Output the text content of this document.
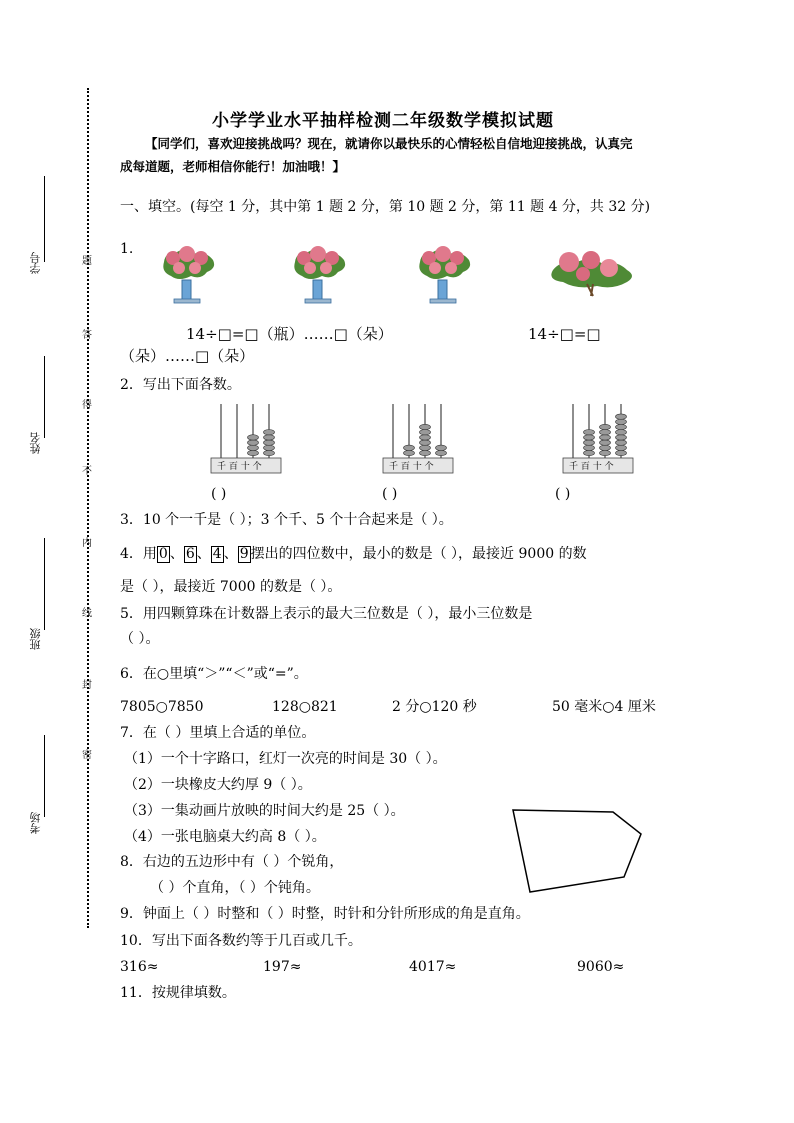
学号
姓名
班级
考场
题
答
得
不
内
线
封
密
小学学业水平抽样检测二年级数学模拟试题
【同学们，喜欢迎接挑战吗？现在，就请你以最快乐的心情轻松自信地迎接挑战，认真完
成每道题，老师相信你能行！加油哦！】
一、填空。(每空 1 分，其中第 1 题 2 分，第 10 题 2 分，第 11 题 4 分，共 32 分)
1.
14÷□=□（瓶）……□（朵）	14÷□=□
（朵）……□（朵）
2．写出下面各数。
千 百 十 个	千 百 十 个	千 百 十 个
( )	( )	( )
3．10 个一千是（ ）；3 个千、5 个十合起来是（ ）。
4．用 0 、 6 、 4 、 9 摆出的四位数中，最小的数是（ ），最接近 9000 的数
是（ ），最接近 7000 的数是（ ）。
5．用四颗算珠在计数器上表示的最大三位数是（ ），最小三位数是
（ ）。
6．在○里填“＞”“＜”或“=”。
7805○7850	128○821	2 分○120 秒	50 毫米○4 厘米
7．在（ ）里填上合适的单位。
（1）一个十字路口，红灯一次亮的时间是 30（ ）。
（2）一块橡皮大约厚 9（ ）。
（3）一集动画片放映的时间大约是 25（ ）。
（4）一张电脑桌大约高 8（ ）。
8．右边的五边形中有（ ）个锐角，
（ ）个直角，（ ）个钝角。
9．钟面上（ ）时整和（ ）时整，时针和分针所形成的角是直角。
10．写出下面各数约等于几百或几千。
316≈	197≈	4017≈	9060≈
11．按规律填数。
